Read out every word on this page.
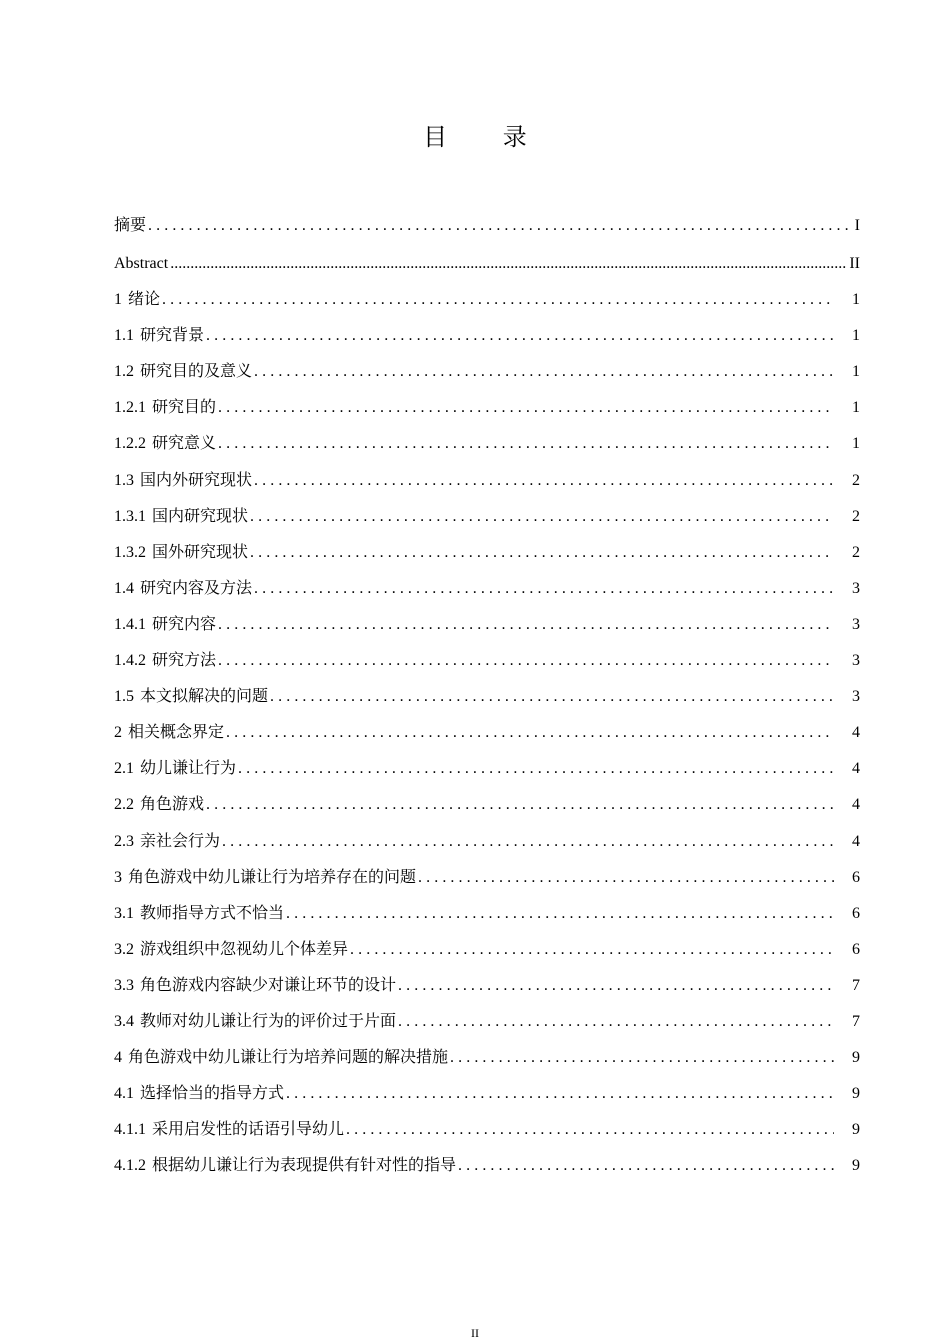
目 录
摘要 .....	I
Abstract .....	II
1 绪论 .....	1
1.1 研究背景 .....	1
1.2 研究目的及意义 .....	1
1.2.1 研究目的 .....	1
1.2.2 研究意义 .....	1
1.3 国内外研究现状 .....	2
1.3.1 国内研究现状 .....	2
1.3.2 国外研究现状 .....	2
1.4 研究内容及方法 .....	3
1.4.1 研究内容 .....	3
1.4.2 研究方法 .....	3
1.5 本文拟解决的问题 .....	3
2 相关概念界定 .....	4
2.1 幼儿谦让行为 .....	4
2.2 角色游戏 .....	4
2.3 亲社会行为 .....	4
3 角色游戏中幼儿谦让行为培养存在的问题 .....	6
3.1 教师指导方式不恰当 .....	6
3.2 游戏组织中忽视幼儿个体差异 .....	6
3.3 角色游戏内容缺少对谦让环节的设计 .....	7
3.4 教师对幼儿谦让行为的评价过于片面 .....	7
4 角色游戏中幼儿谦让行为培养问题的解决措施 .....	9
4.1 选择恰当的指导方式 .....	9
4.1.1 采用启发性的话语引导幼儿 .....	9
4.1.2 根据幼儿谦让行为表现提供有针对性的指导 .....	9
II
